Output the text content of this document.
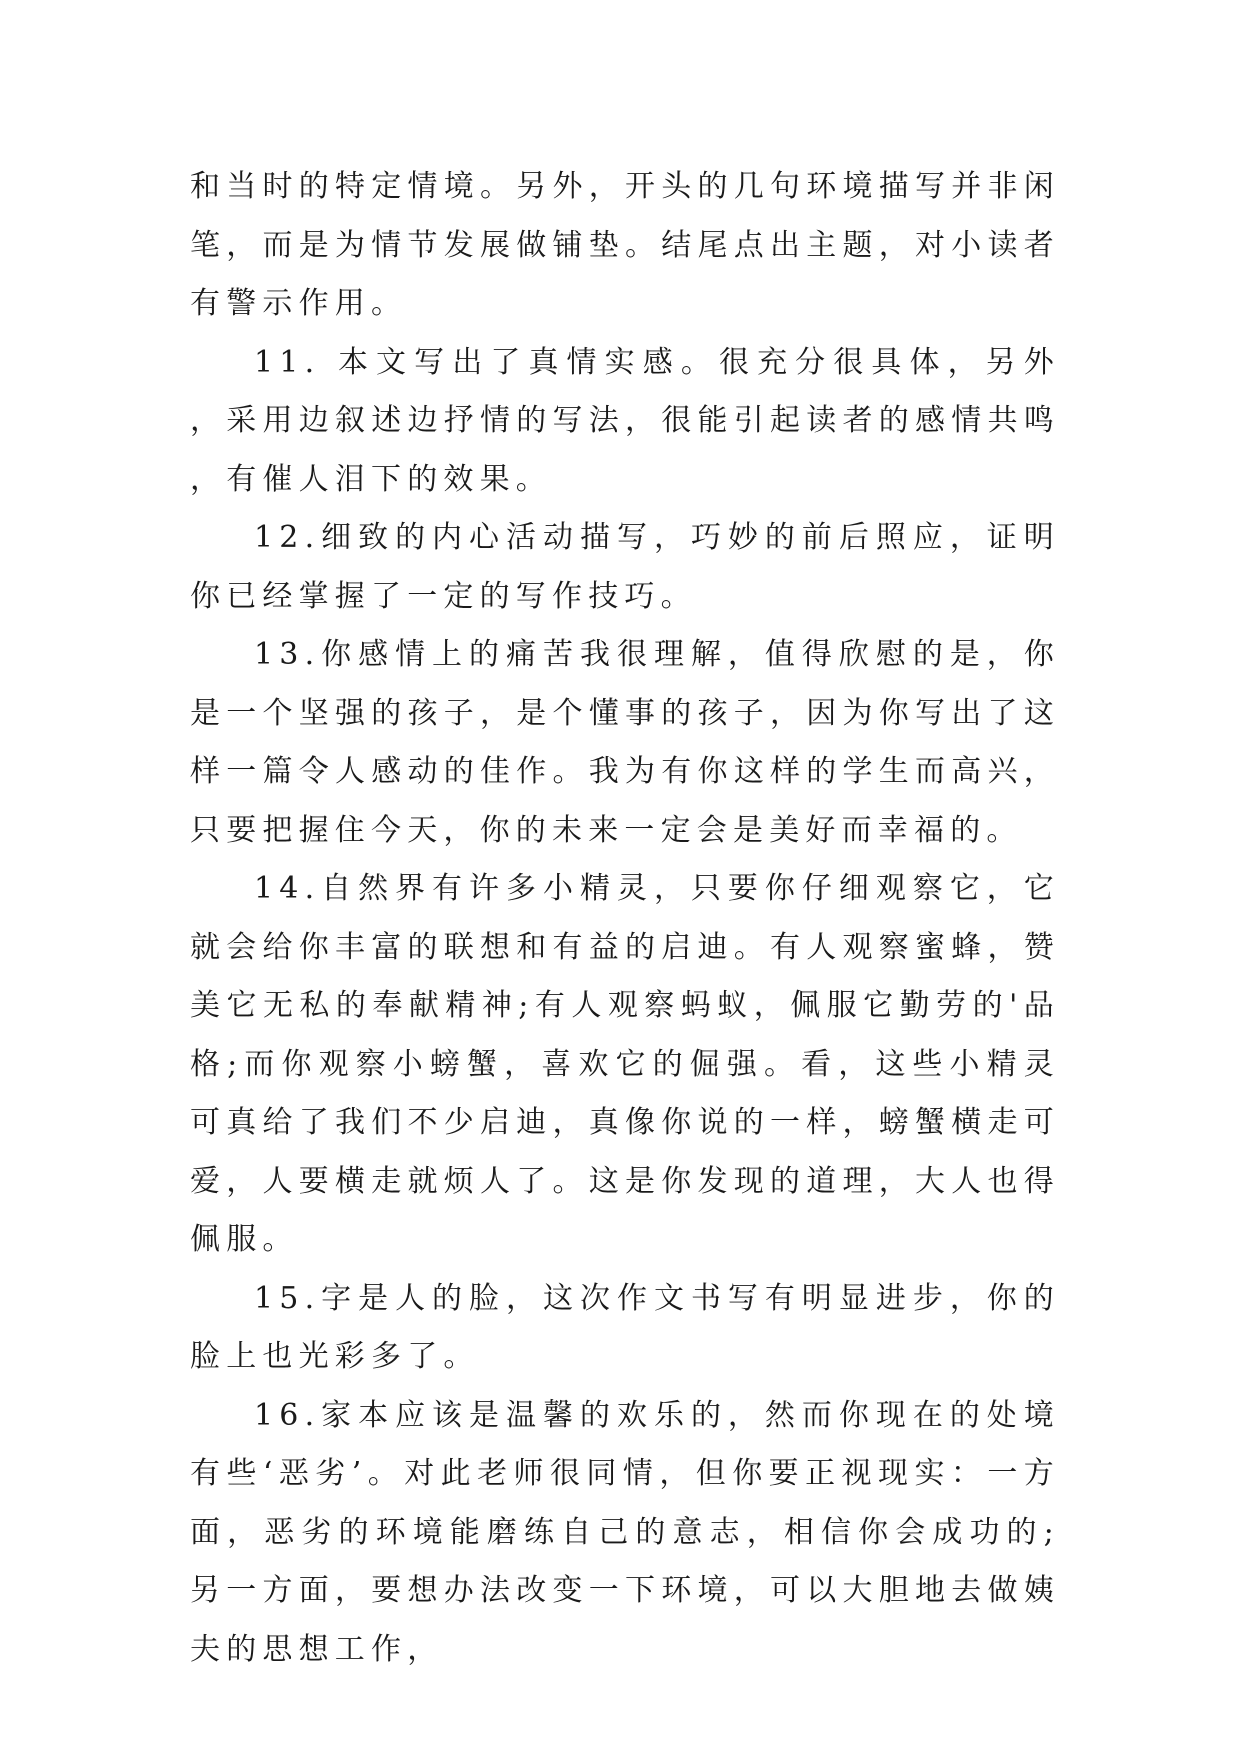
和当时的特定情境。另外，开头的几句环境描写并非闲笔，而是为情节发展做铺垫。结尾点出主题，对小读者有警示作用。

11. 本文写出了真情实感。很充分很具体，另外，采用边叙述边抒情的写法，很能引起读者的感情共鸣，有催人泪下的效果。

12.细致的内心活动描写，巧妙的前后照应，证明你已经掌握了一定的写作技巧。

13.你感情上的痛苦我很理解，值得欣慰的是，你是一个坚强的孩子，是个懂事的孩子，因为你写出了这样一篇令人感动的佳作。我为有你这样的学生而高兴，只要把握住今天，你的未来一定会是美好而幸福的。

14.自然界有许多小精灵，只要你仔细观察它，它就会给你丰富的联想和有益的启迪。有人观察蜜蜂，赞美它无私的奉献精神;有人观察蚂蚁，佩服它勤劳的'品格;而你观察小螃蟹，喜欢它的倔强。看，这些小精灵可真给了我们不少启迪，真像你说的一样，螃蟹横走可爱，人要横走就烦人了。这是你发现的道理，大人也得佩服。

15.字是人的脸，这次作文书写有明显进步，你的脸上也光彩多了。

16.家本应该是温馨的欢乐的，然而你现在的处境有些‘恶劣’。对此老师很同情，但你要正视现实：一方面，恶劣的环境能磨练自己的意志，相信你会成功的;另一方面，要想办法改变一下环境，可以大胆地去做姨夫的思想工作，
